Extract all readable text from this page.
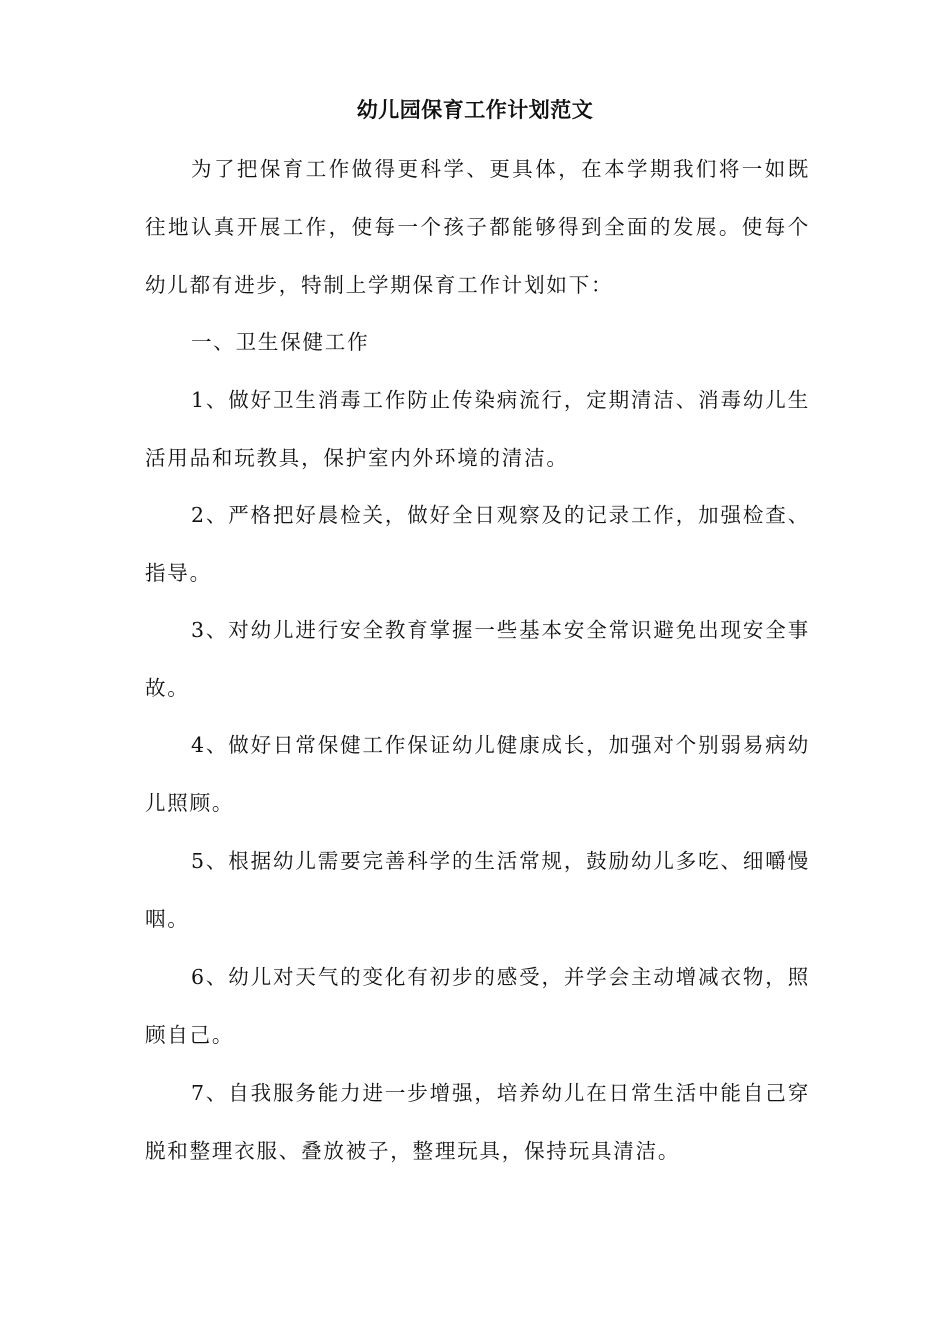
幼儿园保育工作计划范文

为了把保育工作做得更科学、更具体，在本学期我们将一如既往地认真开展工作，使每一个孩子都能够得到全面的发展。使每个幼儿都有进步，特制上学期保育工作计划如下：

一、卫生保健工作

1、做好卫生消毒工作防止传染病流行，定期清洁、消毒幼儿生活用品和玩教具，保护室内外环境的清洁。

2、严格把好晨检关，做好全日观察及的记录工作，加强检查、指导。

3、对幼儿进行安全教育掌握一些基本安全常识避免出现安全事故。

4、做好日常保健工作保证幼儿健康成长，加强对个别弱易病幼儿照顾。

5、根据幼儿需要完善科学的生活常规，鼓励幼儿多吃、细嚼慢咽。

6、幼儿对天气的变化有初步的感受，并学会主动增减衣物，照顾自己。

7、自我服务能力进一步增强，培养幼儿在日常生活中能自己穿脱和整理衣服、叠放被子，整理玩具，保持玩具清洁。
